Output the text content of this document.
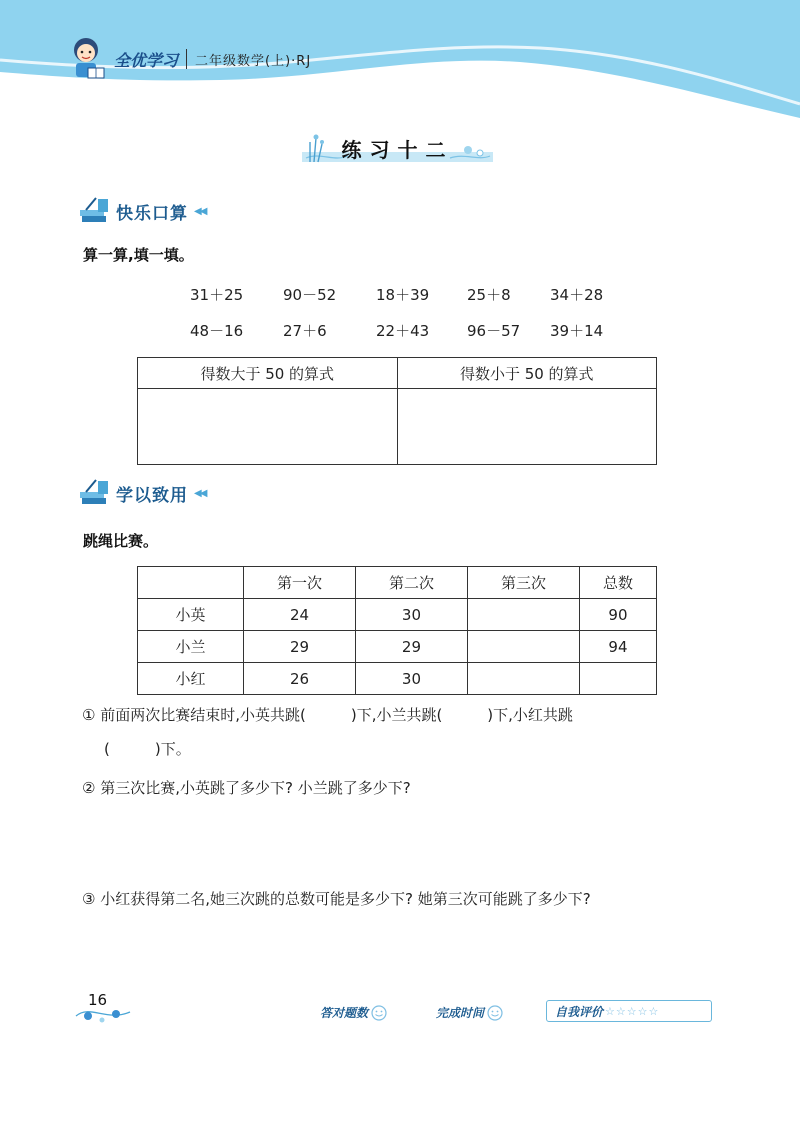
全优学习 二年级数学(上)·RJ
练习十二
快乐口算 ◀◀
算一算,填一填。
31＋25	90－52	18＋39	25＋8	34＋28
48－16	27＋6	22＋43	96－57	39＋14
得数大于 50 的算式	得数小于 50 的算式

学以致用 ◀◀
跳绳比赛。
	第一次	第二次	第三次	总数
小英	24	30		90
小兰	29	29		94
小红	26	30		
① 前面两次比赛结束时,小英共跳(　　　)下,小兰共跳(　　　)下,小红共跳
(　　　)下。
② 第三次比赛,小英跳了多少下? 小兰跳了多少下?
③ 小红获得第二名,她三次跳的总数可能是多少下? 她第三次可能跳了多少下?
16
答对题数	完成时间	自我评价 ☆☆☆☆☆
